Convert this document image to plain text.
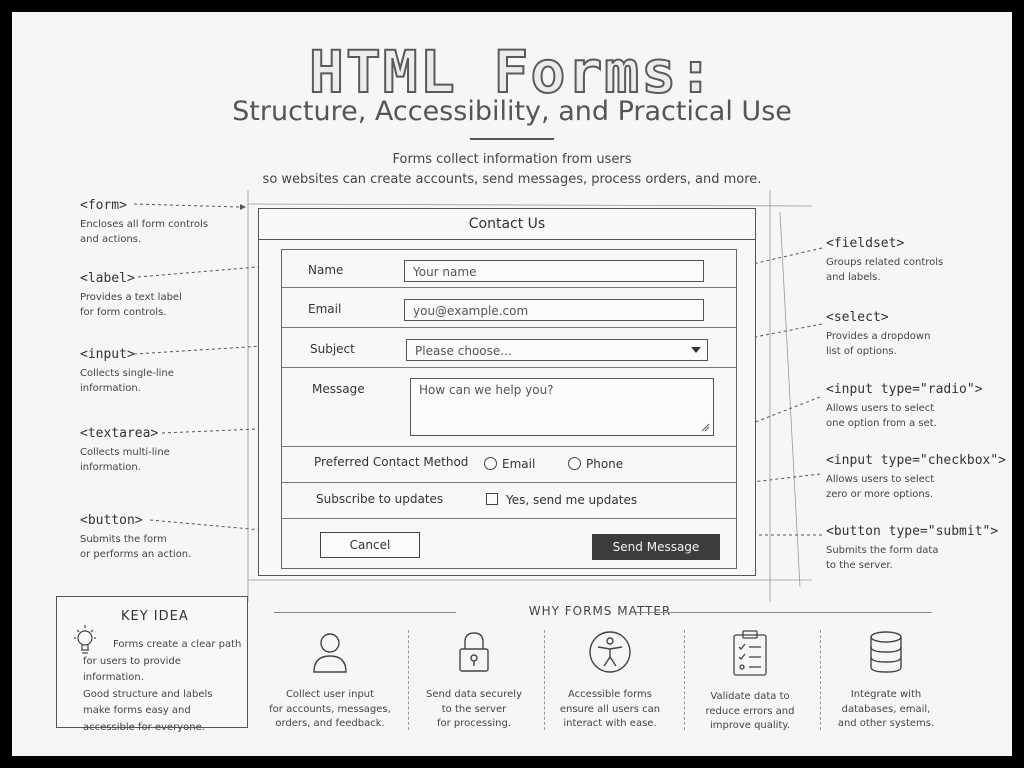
HTML Forms:
Structure, Accessibility, and Practical Use
Forms collect information from users
so websites can create accounts, send messages, process orders, and more.
<form>
Encloses all form controls
and actions.
<label>
Provides a text label
for form controls.
<input>
Collects single-line
information.
<textarea>
Collects multi-line
information.
<button>
Submits the form
or performs an action.
<fieldset>
Groups related controls
and labels.
<select>
Provides a dropdown
list of options.
<input type="radio">
Allows users to select
one option from a set.
<input type="checkbox">
Allows users to select
zero or more options.
<button type="submit">
Submits the form data
to the server.
Contact Us
Name	Your name
Email	you@example.com
Subject	Please choose...
Message	How can we help you?
Preferred Contact Method	Email	Phone
Subscribe to updates	Yes, send me updates
Cancel	Send Message
KEY IDEA
Forms create a clear path
for users to provide information.
Good structure and labels
make forms easy and
accessible for everyone.
WHY FORMS MATTER
Collect user input
for accounts, messages,
orders, and feedback.
Send data securely
to the server
for processing.
Accessible forms
ensure all users can
interact with ease.
Validate data to
reduce errors and
improve quality.
Integrate with
databases, email,
and other systems.
